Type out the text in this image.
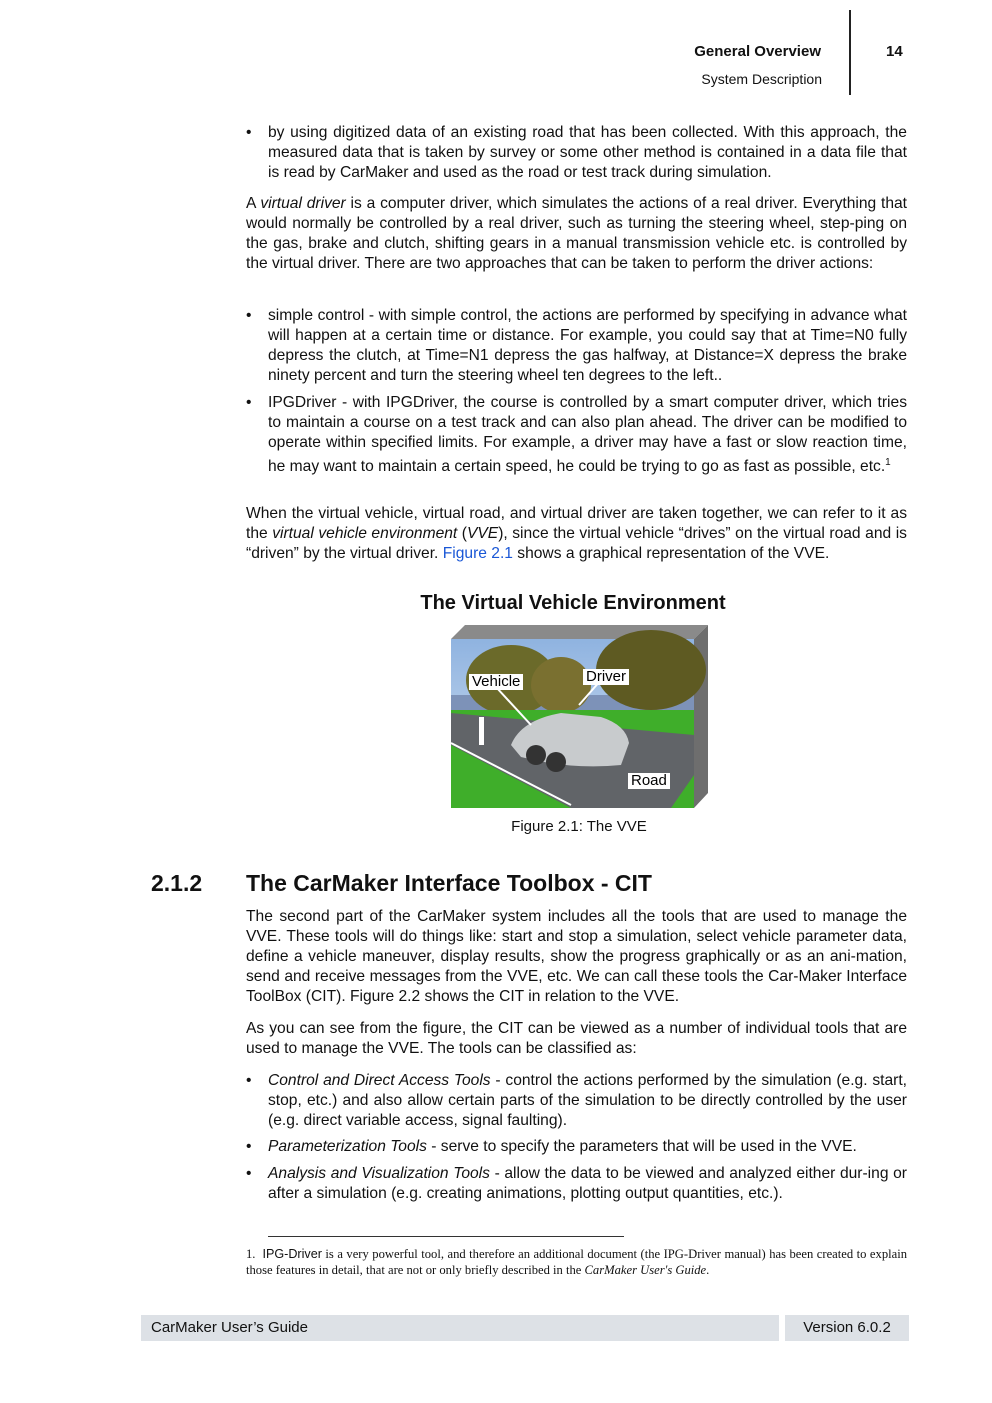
General Overview
System Description
14
• by using digitized data of an existing road that has been collected. With this approach, the measured data that is taken by survey or some other method is contained in a data file that is read by CarMaker and used as the road or test track during simulation.
A virtual driver is a computer driver, which simulates the actions of a real driver. Everything that would normally be controlled by a real driver, such as turning the steering wheel, step-ping on the gas, brake and clutch, shifting gears in a manual transmission vehicle etc. is controlled by the virtual driver. There are two approaches that can be taken to perform the driver actions:
• simple control - with simple control, the actions are performed by specifying in advance what will happen at a certain time or distance. For example, you could say that at Time=N0 fully depress the clutch, at Time=N1 depress the gas halfway, at Distance=X depress the brake ninety percent and turn the steering wheel ten degrees to the left..
• IPGDriver - with IPGDriver, the course is controlled by a smart computer driver, which tries to maintain a course on a test track and can also plan ahead. The driver can be modified to operate within specified limits. For example, a driver may have a fast or slow reaction time, he may want to maintain a certain speed, he could be trying to go as fast as possible, etc.$^1$
When the virtual vehicle, virtual road, and virtual driver are taken together, we can refer to it as the virtual vehicle environment (VVE), since the virtual vehicle “drives” on the virtual road and is “driven” by the virtual driver. Figure 2.1 shows a graphical representation of the VVE.
The Virtual Vehicle Environment
Vehicle	Driver
Road
Figure 2.1: The VVE
2.1.2 The CarMaker Interface Toolbox - CIT
The second part of the CarMaker system includes all the tools that are used to manage the VVE. These tools will do things like: start and stop a simulation, select vehicle parameter data, define a vehicle maneuver, display results, show the progress graphically or as an ani-mation, send and receive messages from the VVE, etc. We can call these tools the Car-Maker Interface ToolBox (CIT). Figure 2.2 shows the CIT in relation to the VVE.
As you can see from the figure, the CIT can be viewed as a number of individual tools that are used to manage the VVE. The tools can be classified as:
• Control and Direct Access Tools - control the actions performed by the simulation (e.g. start, stop, etc.) and also allow certain parts of the simulation to be directly controlled by the user (e.g. direct variable access, signal faulting).
• Parameterization Tools - serve to specify the parameters that will be used in the VVE.
• Analysis and Visualization Tools - allow the data to be viewed and analyzed either dur-ing or after a simulation (e.g. creating animations, plotting output quantities, etc.).
1. IPG-Driver is a very powerful tool, and therefore an additional document (the IPG-Driver manual) has been created to explain those features in detail, that are not or only briefly described in the CarMaker User's Guide.
CarMaker User’s Guide	Version 6.0.2
